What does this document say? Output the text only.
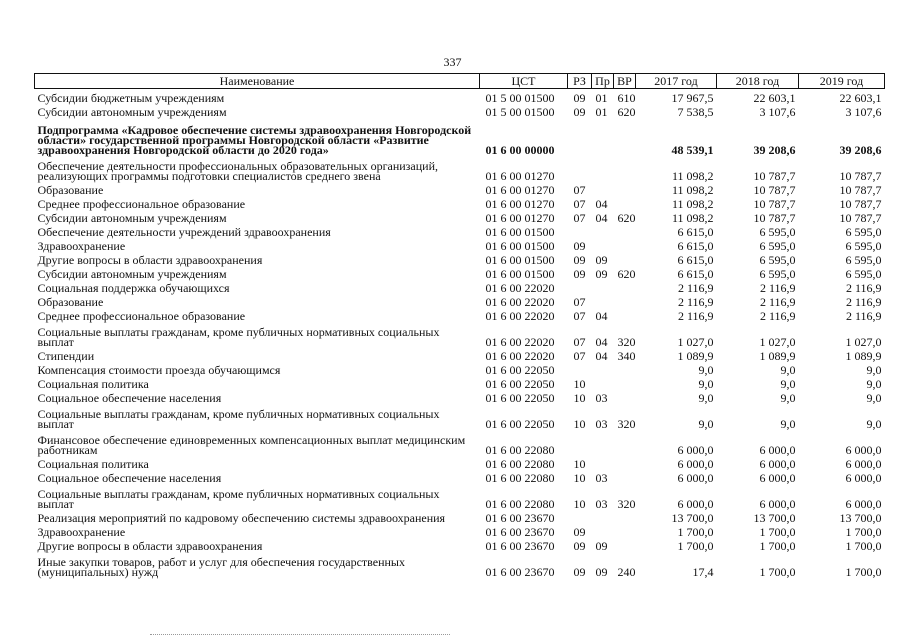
337
Наименование	ЦСТ	РЗ	Пр	ВР	2017 год	2018 год	2019 год
Субсидии бюджетным учреждениям	01 5 00 01500	09	01	610	17 967,5	22 603,1	22 603,1
Субсидии автономным учреждениям	01 5 00 01500	09	01	620	7 538,5	3 107,6	3 107,6
Подпрограмма «Кадровое обеспечение системы здравоохранения Новгородской области» государственной программы Новгородской области «Развитие здравоохранения Новгородской области до 2020 года»	01 6 00 00000				48 539,1	39 208,6	39 208,6
Обеспечение деятельности профессиональных образовательных организаций, реализующих программы подготовки специалистов среднего звена	01 6 00 01270				11 098,2	10 787,7	10 787,7
Образование	01 6 00 01270	07			11 098,2	10 787,7	10 787,7
Среднее профессиональное образование	01 6 00 01270	07	04		11 098,2	10 787,7	10 787,7
Субсидии автономным учреждениям	01 6 00 01270	07	04	620	11 098,2	10 787,7	10 787,7
Обеспечение деятельности учреждений здравоохранения	01 6 00 01500				6 615,0	6 595,0	6 595,0
Здравоохранение	01 6 00 01500	09			6 615,0	6 595,0	6 595,0
Другие вопросы в области здравоохранения	01 6 00 01500	09	09		6 615,0	6 595,0	6 595,0
Субсидии автономным учреждениям	01 6 00 01500	09	09	620	6 615,0	6 595,0	6 595,0
Социальная поддержка обучающихся	01 6 00 22020				2 116,9	2 116,9	2 116,9
Образование	01 6 00 22020	07			2 116,9	2 116,9	2 116,9
Среднее профессиональное образование	01 6 00 22020	07	04		2 116,9	2 116,9	2 116,9
Социальные выплаты гражданам, кроме публичных нормативных социальных выплат	01 6 00 22020	07	04	320	1 027,0	1 027,0	1 027,0
Стипендии	01 6 00 22020	07	04	340	1 089,9	1 089,9	1 089,9
Компенсация стоимости проезда обучающимся	01 6 00 22050				9,0	9,0	9,0
Социальная политика	01 6 00 22050	10			9,0	9,0	9,0
Социальное обеспечение населения	01 6 00 22050	10	03		9,0	9,0	9,0
Социальные выплаты гражданам, кроме публичных нормативных социальных выплат	01 6 00 22050	10	03	320	9,0	9,0	9,0
Финансовое обеспечение единовременных компенсационных выплат медицинским работникам	01 6 00 22080				6 000,0	6 000,0	6 000,0
Социальная политика	01 6 00 22080	10			6 000,0	6 000,0	6 000,0
Социальное обеспечение населения	01 6 00 22080	10	03		6 000,0	6 000,0	6 000,0
Социальные выплаты гражданам, кроме публичных нормативных социальных выплат	01 6 00 22080	10	03	320	6 000,0	6 000,0	6 000,0
Реализация мероприятий по кадровому обеспечению системы здравоохранения	01 6 00 23670				13 700,0	13 700,0	13 700,0
Здравоохранение	01 6 00 23670	09			1 700,0	1 700,0	1 700,0
Другие вопросы в области здравоохранения	01 6 00 23670	09	09		1 700,0	1 700,0	1 700,0
Иные закупки товаров, работ и услуг для обеспечения государственных (муниципальных) нужд	01 6 00 23670	09	09	240	17,4	1 700,0	1 700,0
